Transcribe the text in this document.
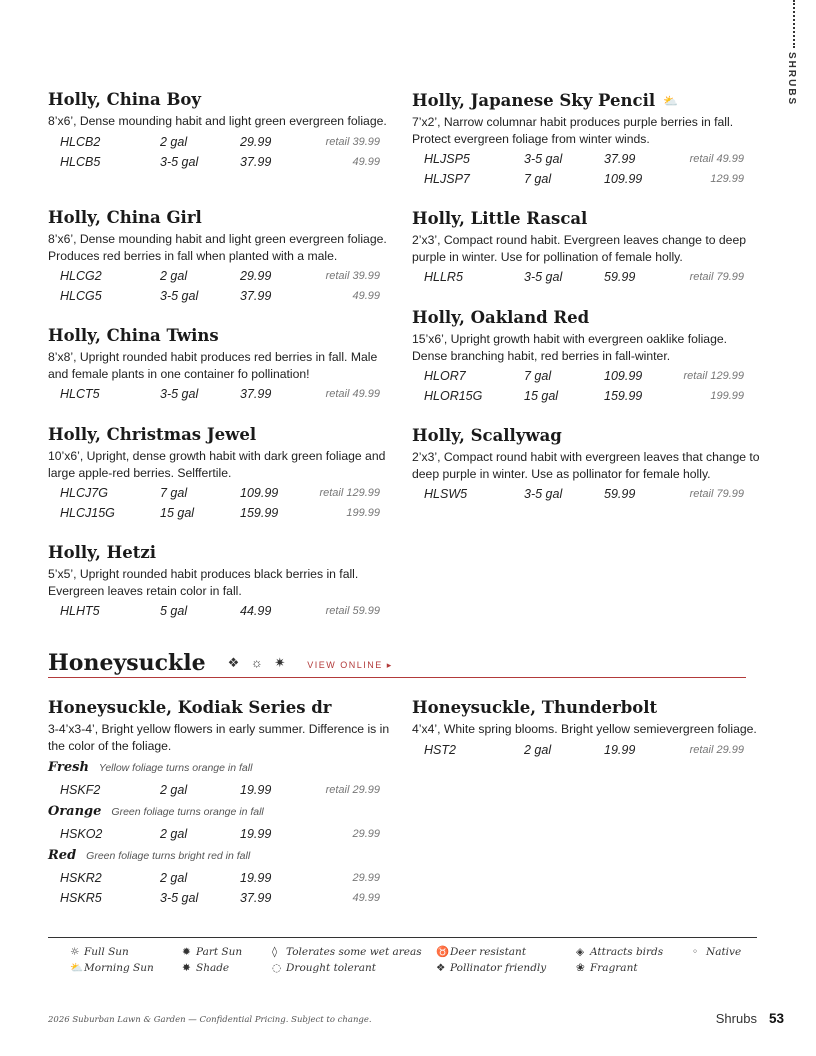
SHRUBS
Holly, China Boy
8’x6’, Dense mounding habit and light green evergreen foliage.
HLCB2	2 gal	29.99	retail 39.99
HLCB5	3-5 gal	37.99	49.99
Holly, China Girl
8’x6’, Dense mounding habit and light green evergreen foliage. Produces red berries in fall when planted with a male.
HLCG2	2 gal	29.99	retail 39.99
HLCG5	3-5 gal	37.99	49.99
Holly, China Twins
8’x8’, Upright rounded habit produces red berries in fall. Male and female plants in one container fo pollination!
HLCT5	3-5 gal	37.99	retail 49.99
Holly, Christmas Jewel
10’x6’, Upright, dense growth habit with dark green foliage and large apple-red berries. Selffertile.
HLCJ7G	7 gal	109.99	retail 129.99
HLCJ15G	15 gal	159.99	199.99
Holly, Hetzi
5’x5’, Upright rounded habit produces black berries in fall. Evergreen leaves retain color in fall.
HLHT5	5 gal	44.99	retail 59.99
Holly, Japanese Sky Pencil ⛅
7’x2’, Narrow columnar habit produces purple berries in fall. Protect evergreen foliage from winter winds.
HLJSP5	3-5 gal	37.99	retail 49.99
HLJSP7	7 gal	109.99	129.99
Holly, Little Rascal
2’x3’, Compact round habit. Evergreen leaves change to deep purple in winter. Use for pollination of female holly.
HLLR5	3-5 gal	59.99	retail 79.99
Holly, Oakland Red
15’x6’, Upright growth habit with evergreen oaklike foliage. Dense branching habit, red berries in fall-winter.
HLOR7	7 gal	109.99	retail 129.99
HLOR15G	15 gal	159.99	199.99
Holly, Scallywag
2’x3’, Compact round habit with evergreen leaves that change to deep purple in winter. Use as pollinator for female holly.
HLSW5	3-5 gal	59.99	retail 79.99
Honeysuckle ❖ ☼ ✷ VIEW ONLINE ▸
Honeysuckle, Kodiak Series dr
3-4’x3-4’, Bright yellow flowers in early summer. Difference is in the color of the foliage.
Fresh Yellow foliage turns orange in fall
HSKF2	2 gal	19.99	retail 29.99
Orange Green foliage turns orange in fall
HSKO2	2 gal	19.99	29.99
Red Green foliage turns bright red in fall
HSKR2	2 gal	19.99	29.99
HSKR5	3-5 gal	37.99	49.99
Honeysuckle, Thunderbolt
4’x4’, White spring blooms. Bright yellow semievergreen foliage.
HST2	2 gal	19.99	retail 29.99
☼ Full Sun
⛅Morning Sun
✹ Part Sun
✸ Shade
◊ Tolerates some wet areas
◌ Drought tolerant
♉Deer resistant
❖ Pollinator friendly
◈ Attracts birds
❀ Fragrant
◦ Native
2026 Suburban Lawn & Garden — Confidential Pricing. Subject to change.	Shrubs 53
